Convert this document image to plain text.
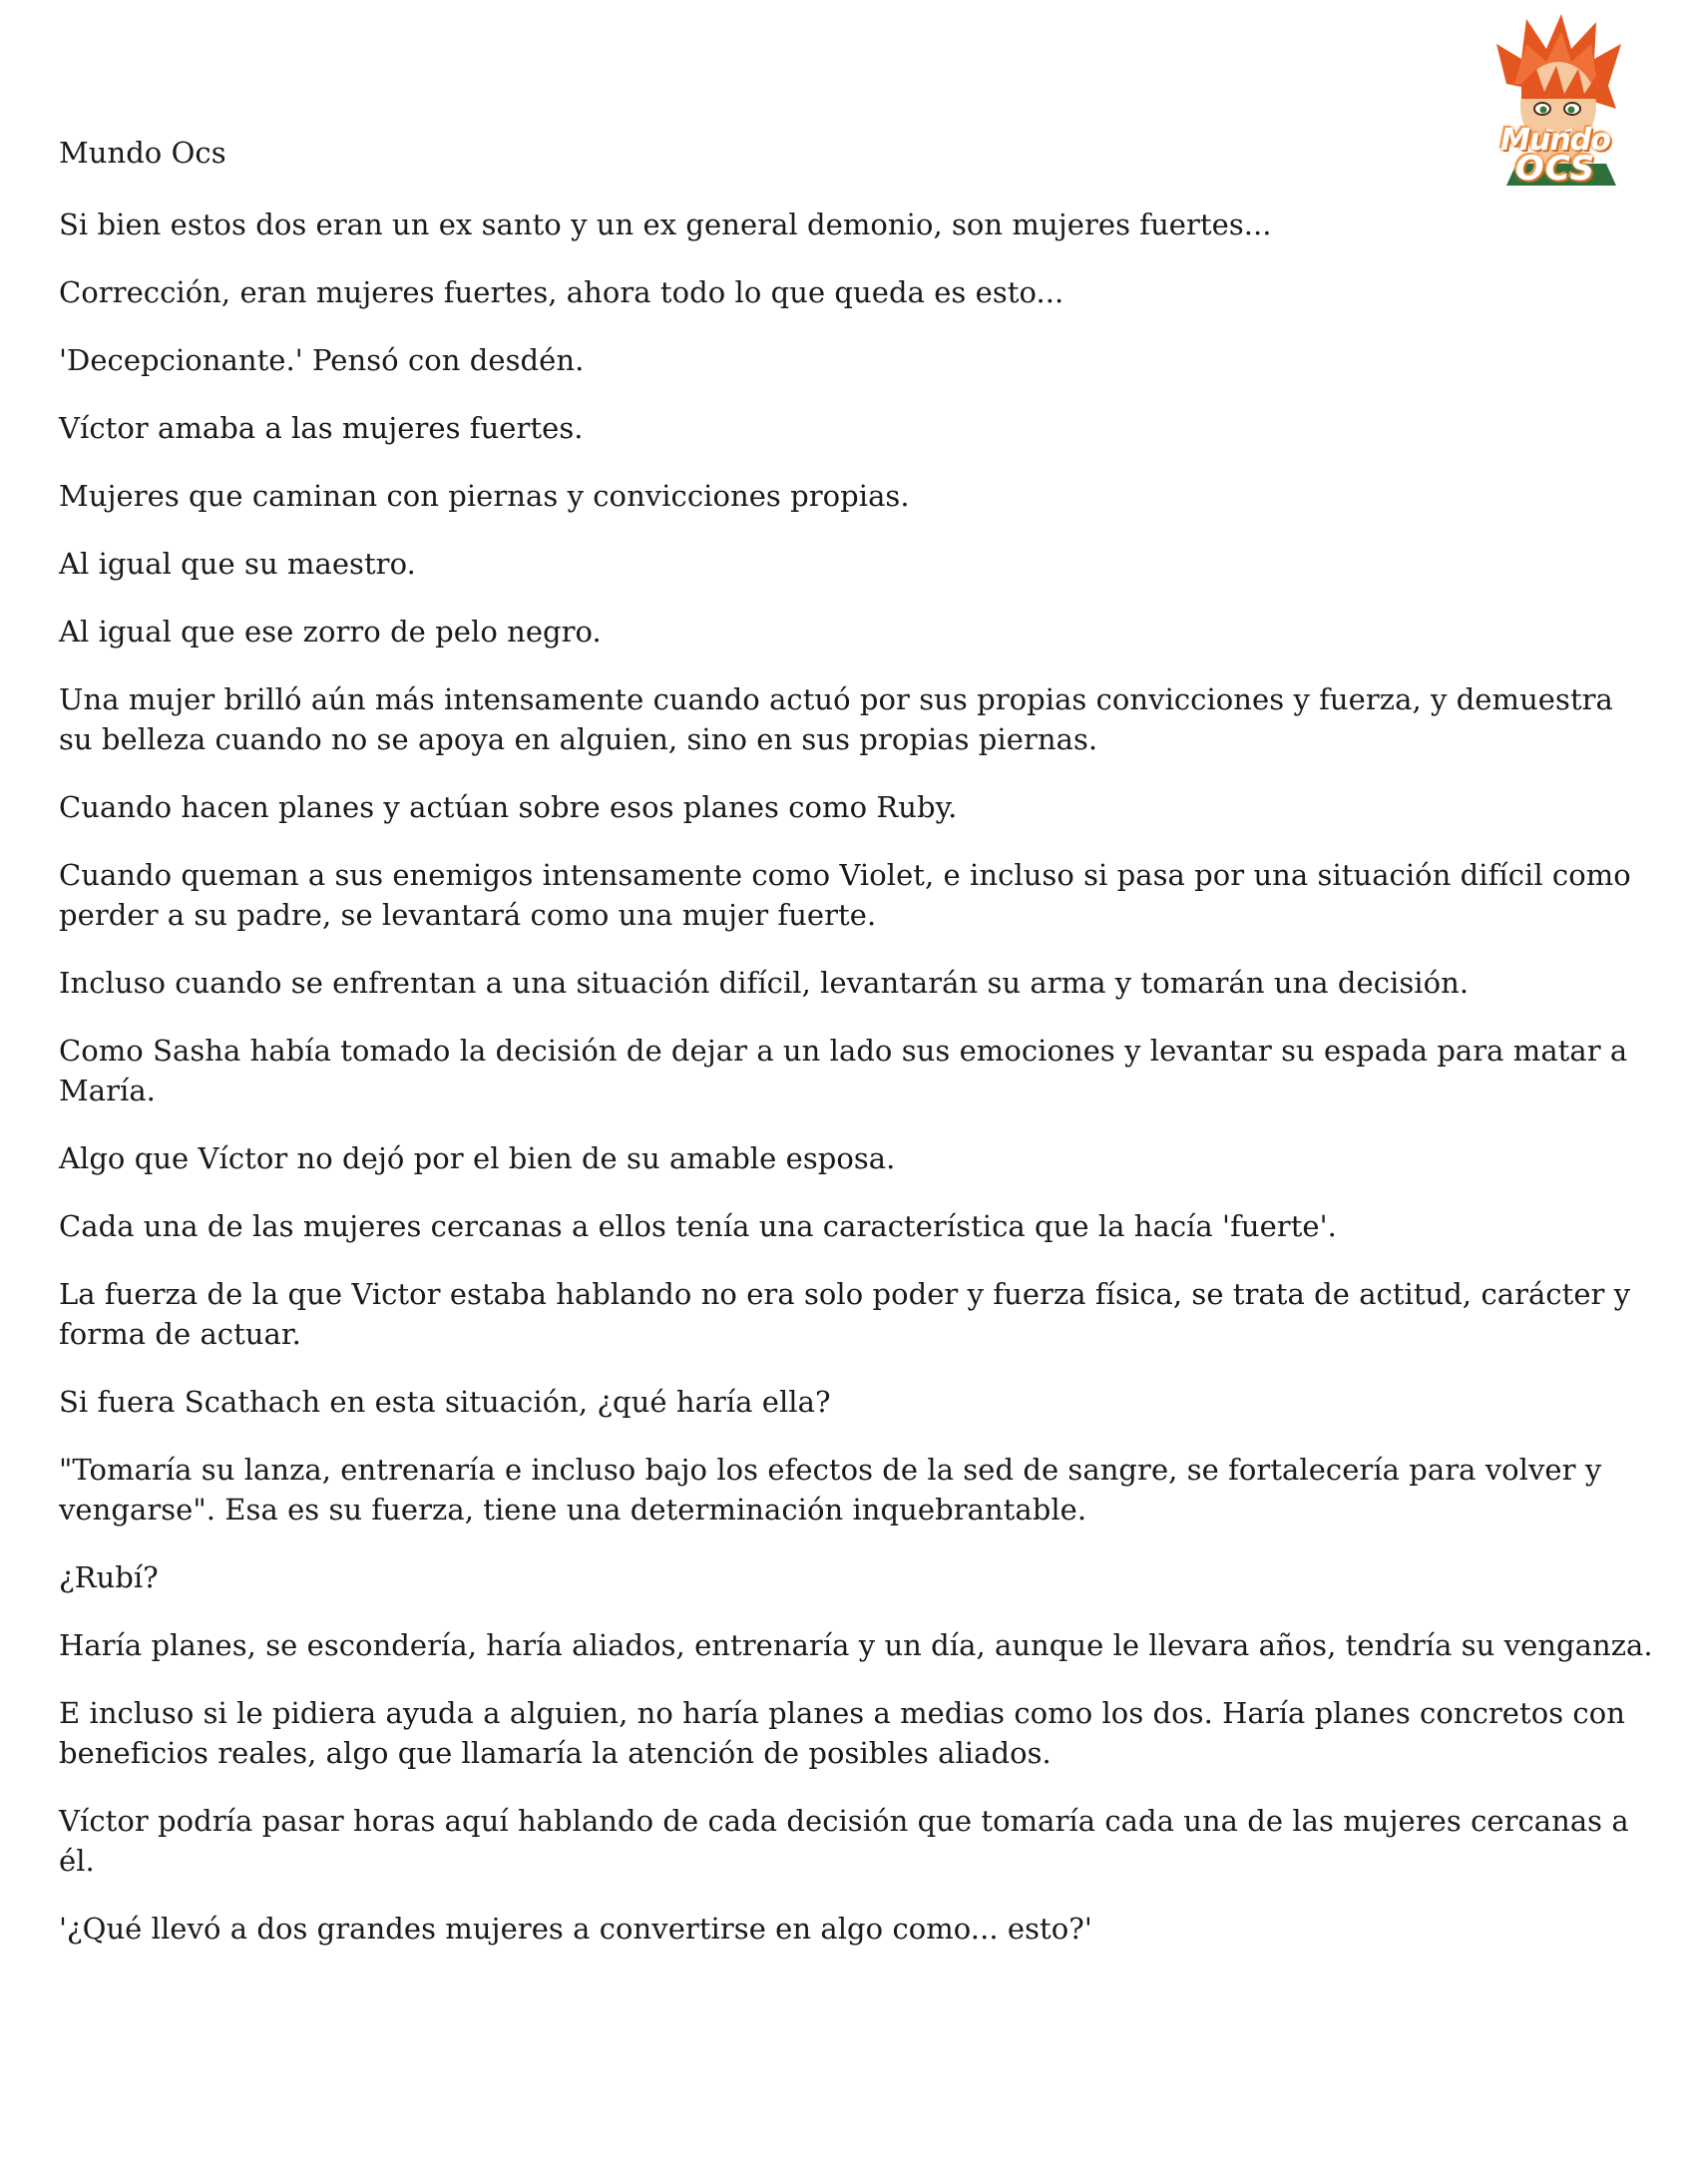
Mundo
OCS

Mundo Ocs

Si bien estos dos eran un ex santo y un ex general demonio, son mujeres fuertes...

Corrección, eran mujeres fuertes, ahora todo lo que queda es esto...

'Decepcionante.' Pensó con desdén.

Víctor amaba a las mujeres fuertes.

Mujeres que caminan con piernas y convicciones propias.

Al igual que su maestro.

Al igual que ese zorro de pelo negro.

Una mujer brilló aún más intensamente cuando actuó por sus propias convicciones y fuerza, y demuestra su belleza cuando no se apoya en alguien, sino en sus propias piernas.

Cuando hacen planes y actúan sobre esos planes como Ruby.

Cuando queman a sus enemigos intensamente como Violet, e incluso si pasa por una situación difícil como perder a su padre, se levantará como una mujer fuerte.

Incluso cuando se enfrentan a una situación difícil, levantarán su arma y tomarán una decisión.

Como Sasha había tomado la decisión de dejar a un lado sus emociones y levantar su espada para matar a María.

Algo que Víctor no dejó por el bien de su amable esposa.

Cada una de las mujeres cercanas a ellos tenía una característica que la hacía 'fuerte'.

La fuerza de la que Victor estaba hablando no era solo poder y fuerza física, se trata de actitud, carácter y forma de actuar.

Si fuera Scathach en esta situación, ¿qué haría ella?

"Tomaría su lanza, entrenaría e incluso bajo los efectos de la sed de sangre, se fortalecería para volver y vengarse". Esa es su fuerza, tiene una determinación inquebrantable.

¿Rubí?

Haría planes, se escondería, haría aliados, entrenaría y un día, aunque le llevara años, tendría su venganza.

E incluso si le pidiera ayuda a alguien, no haría planes a medias como los dos. Haría planes concretos con beneficios reales, algo que llamaría la atención de posibles aliados.

Víctor podría pasar horas aquí hablando de cada decisión que tomaría cada una de las mujeres cercanas a él.

'¿Qué llevó a dos grandes mujeres a convertirse en algo como... esto?'
